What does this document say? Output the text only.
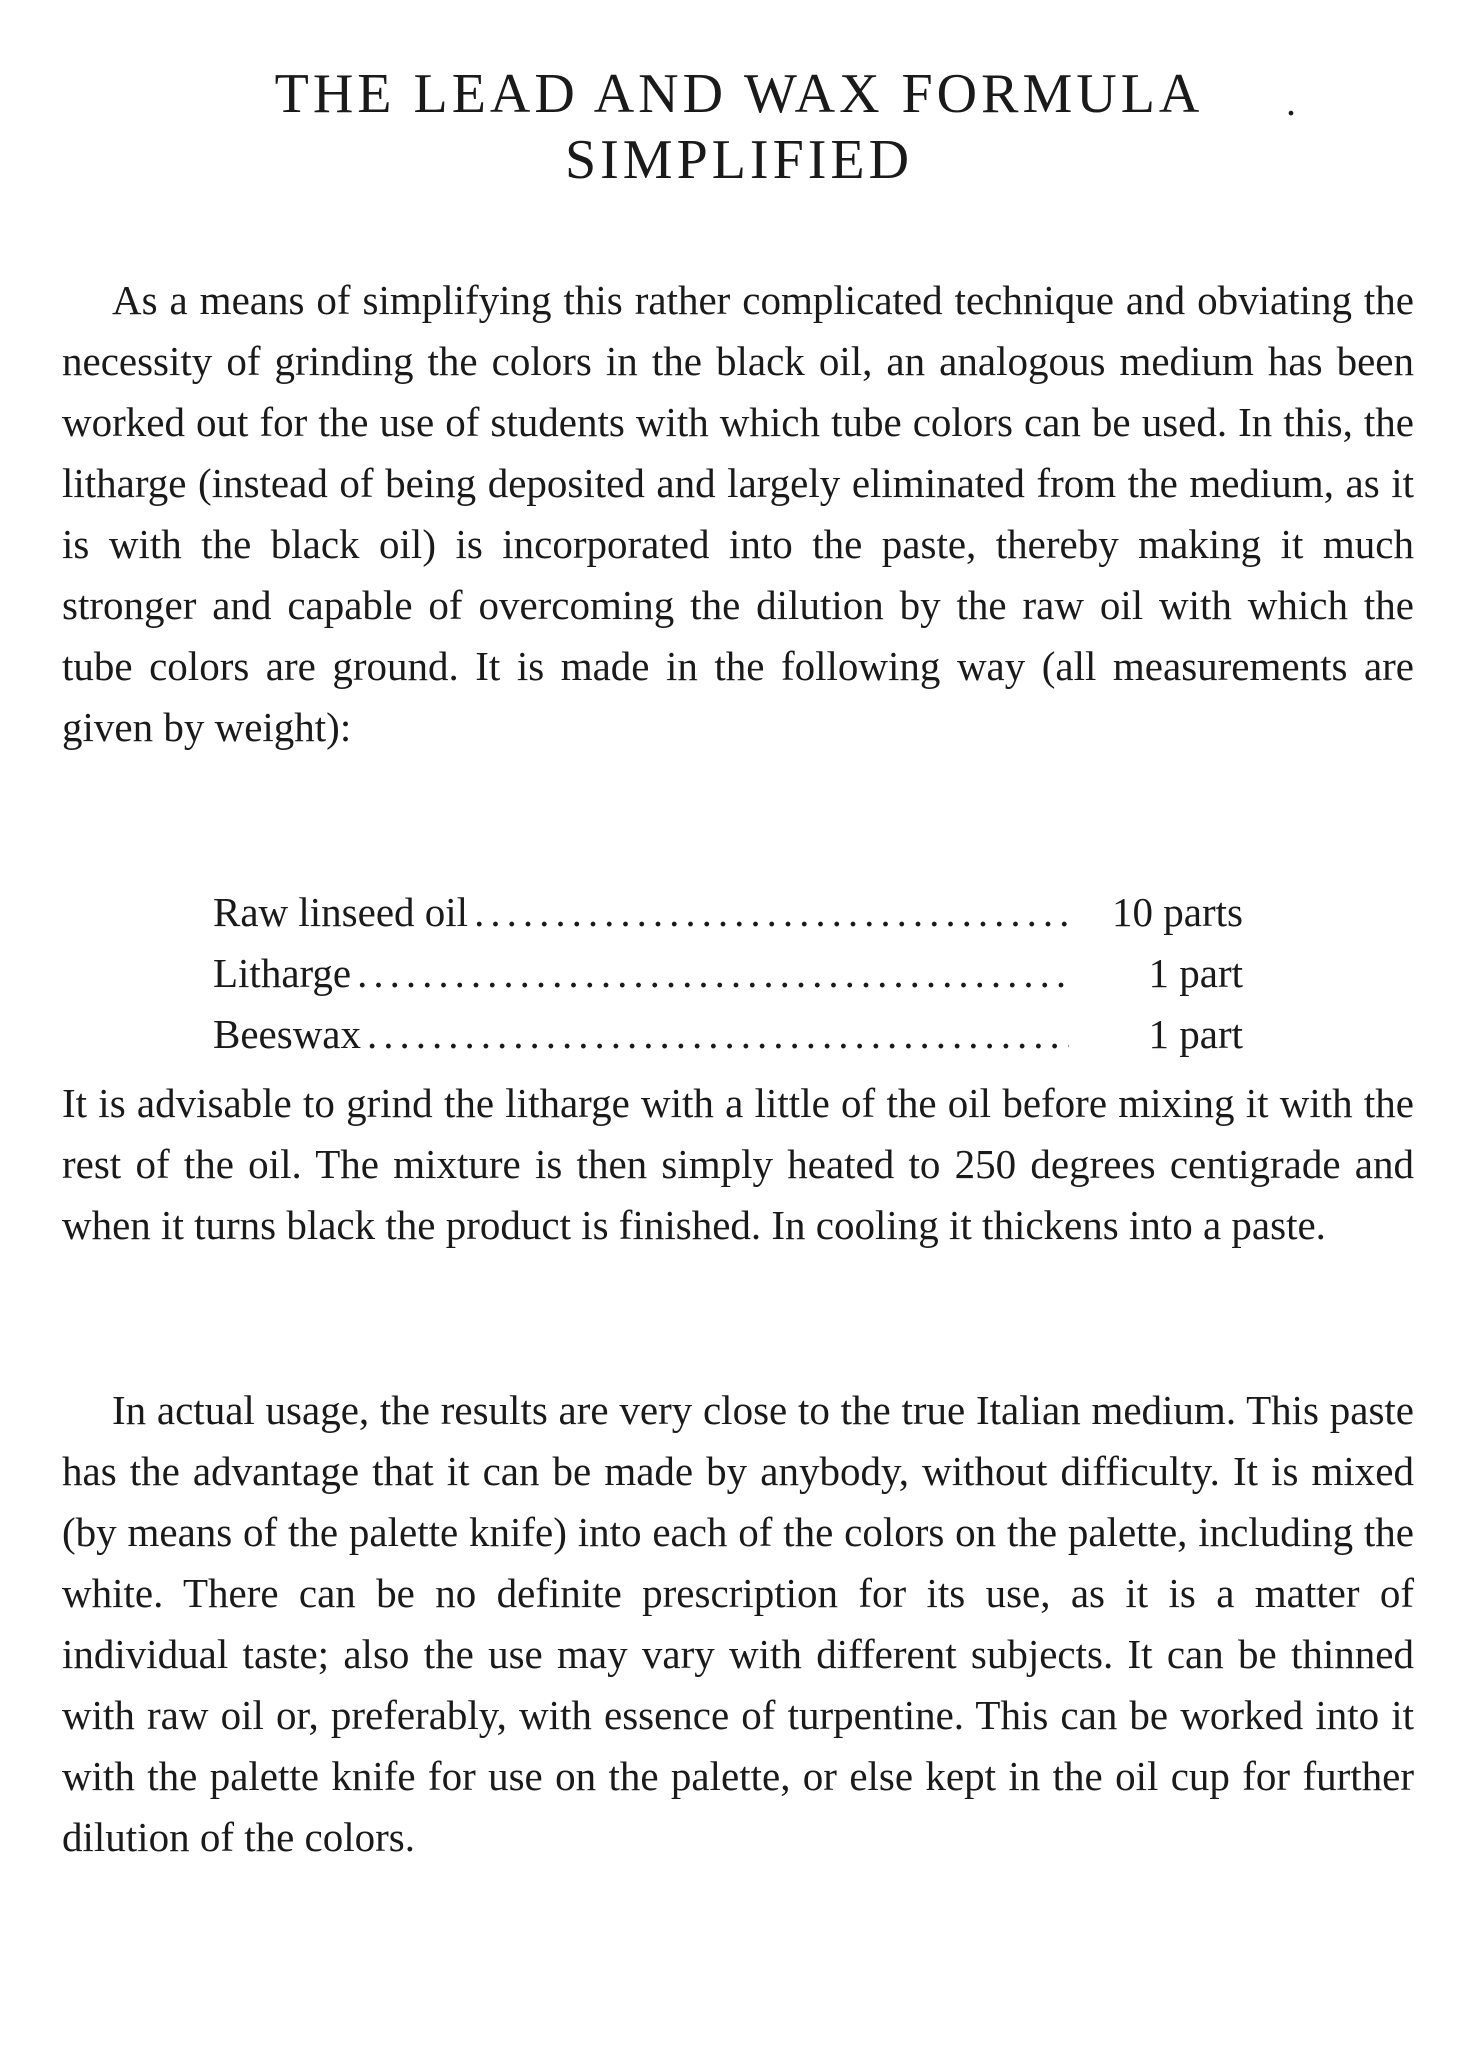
THE LEAD AND WAX FORMULA	.
SIMPLIFIED

As a means of simplifying this rather complicated technique and obviating the necessity of grinding the colors in the black oil, an analogous medium has been worked out for the use of students with which tube colors can be used. In this, the litharge (instead of being deposited and largely eliminated from the medium, as it is with the black oil) is incorporated into the paste, thereby making it much stronger and capable of overcoming the dilution by the raw oil with which the tube colors are ground. It is made in the following way (all measurements are given by weight):

Raw linseed oil .....	10 parts
Litharge .....	1 part
Beeswax .....	1 part

It is advisable to grind the litharge with a little of the oil before mixing it with the rest of the oil. The mixture is then simply heated to 250 degrees centigrade and when it turns black the product is finished. In cooling it thickens into a paste.

In actual usage, the results are very close to the true Italian medium. This paste has the advantage that it can be made by anybody, without difficulty. It is mixed (by means of the palette knife) into each of the colors on the palette, including the white. There can be no definite prescription for its use, as it is a matter of individual taste; also the use may vary with different subjects. It can be thinned with raw oil or, preferably, with essence of turpentine. This can be worked into it with the palette knife for use on the palette, or else kept in the oil cup for further dilution of the colors.
